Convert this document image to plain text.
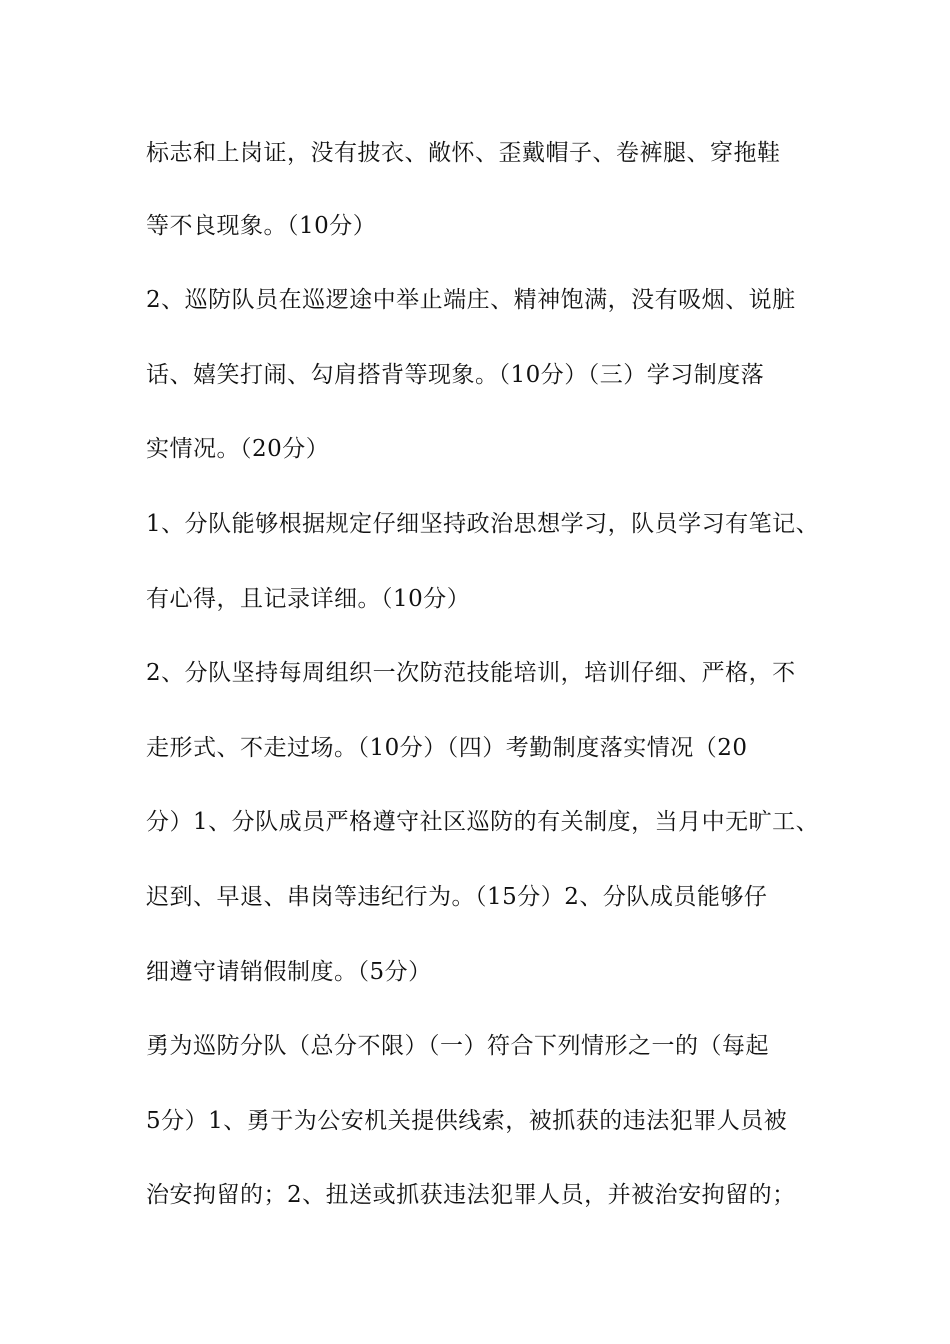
标志和上岗证，没有披衣、敞怀、歪戴帽子、卷裤腿、穿拖鞋
等不良现象。（10分）
2、巡防队员在巡逻途中举止端庄、精神饱满，没有吸烟、说脏
话、嬉笑打闹、勾肩搭背等现象。（10分）（三）学习制度落
实情况。（20分）
1、分队能够根据规定仔细坚持政治思想学习，队员学习有笔记、
有心得，且记录详细。（10分）
2、分队坚持每周组织一次防范技能培训，培训仔细、严格，不
走形式、不走过场。（10分）（四）考勤制度落实情况（20
分）1、分队成员严格遵守社区巡防的有关制度，当月中无旷工、
迟到、早退、串岗等违纪行为。（15分）2、分队成员能够仔
细遵守请销假制度。（5分）
勇为巡防分队（总分不限）（一）符合下列情形之一的（每起
5分）1、勇于为公安机关提供线索，被抓获的违法犯罪人员被
治安拘留的；2、扭送或抓获违法犯罪人员，并被治安拘留的；
